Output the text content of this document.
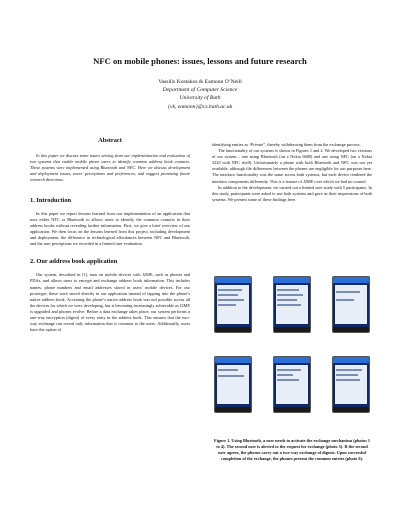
NFC on mobile phones: issues, lessons and future research
Vassilis Kostakos & Eamonn O’Neill
Department of Computer Science
University of Bath
{vk, eamonn}@cs.bath.ac.uk
Abstract

In this paper we discuss some issues arising from our implementation and evaluation of two systems that enable mobile phone users to identify common address book contacts. These systems were implemented using Bluetooth and NFC. Here we discuss development and deployment issues, users’ perceptions and preferences, and suggest promising future research directions.

1. Introduction

In this paper we report lessons learned from our implementation of an application that uses either NFC or Bluetooth to allows users to identify the common contacts in their address books without revealing further information. First, we give a brief overview of our application. We then focus on the lessons learned from this project, including development and deployment, the difference in technological affordances between NFC and Bluetooth, and the user perceptions we recorded in a limited user evaluation.

2. Our address book application

Our system, described in [1], runs on mobile devices with J2ME, such as phones and PDAs, and allows users to encrypt and exchange address book information. This includes names, phone numbers and email addresses stored in users’ mobile devices. For our prototype, these were stored directly in our application instead of tapping into the phone’s native address book. Accessing the phone’s native address book was not possible across all the devices for which we were developing, but is becoming increasingly achievable as J2ME is upgraded and phones evolve. Before a data exchange takes place, our system performs a one-way encryption (digest) of every entry in the address book. This ensures that the two-way exchange can reveal only information that is common to the users. Additionally, users have the option of

identifying entries as “Private”, thereby withdrawing them from the exchange process.

The functionality of our systems is shown in Figures 1 and 2. We developed two versions of our system – one using Bluetooth (on a Nokia 6680) and one using NFC (on a Nokia 3220 with NFC shell). Unfortunately a phone with both Bluetooth and NFC was not yet available, although file differences between the phones are negligible for our purposes here. The interface functionality was the same across both systems, but each device rendered the interface components differently. This is a feature of J2ME over which we had no control.

In addition to the development, we carried out a limited user study with 5 participants. In this study, participants were asked to use both systems and gave us their impressions of both systems. We present some of these findings here.

Figure 1. Using Bluetooth, a user needs to activate the exchange mechanism (photos 1 to 4). The second user is alerted to the request for exchange (photo 5). If the second user agrees, the phones carry out a two-way exchange of digests. Upon successful completion of the exchange, the phones present the common entries (photo 6).
